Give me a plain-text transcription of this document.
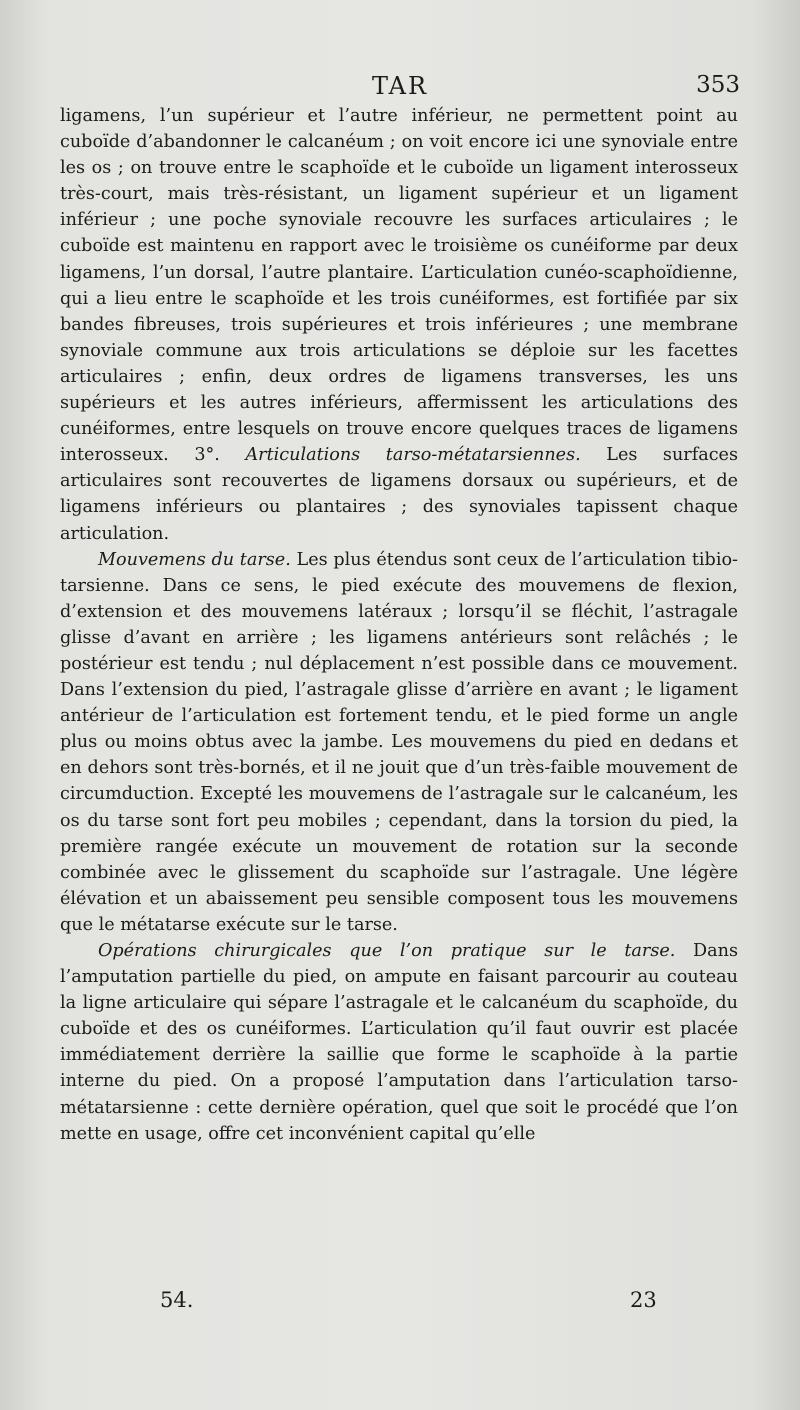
TAR	353

ligamens, l’un supérieur et l’autre inférieur, ne permettent point au cuboïde d’abandonner le calcanéum ; on voit encore ici une synoviale entre les os ; on trouve entre le scaphoïde et le cuboïde un ligament interosseux très-court, mais très-résistant, un ligament supérieur et un ligament inférieur ; une poche synoviale recouvre les surfaces articulaires ; le cuboïde est maintenu en rapport avec le troisième os cunéiforme par deux ligamens, l’un dorsal, l’autre plantaire. L’articulation cunéo-scaphoïdienne, qui a lieu entre le scaphoïde et les trois cunéiformes, est fortifiée par six bandes fibreuses, trois supérieures et trois inférieures ; une membrane synoviale commune aux trois articulations se déploie sur les facettes articulaires ; enfin, deux ordres de ligamens transverses, les uns supérieurs et les autres inférieurs, affermissent les articulations des cunéiformes, entre lesquels on trouve encore quelques traces de ligamens interosseux. 3°. Articulations tarso-métatarsiennes. Les surfaces articulaires sont recouvertes de ligamens dorsaux ou supérieurs, et de ligamens inférieurs ou plantaires ; des synoviales tapissent chaque articulation.

Mouvemens du tarse. Les plus étendus sont ceux de l’articulation tibio-tarsienne. Dans ce sens, le pied exécute des mouvemens de flexion, d’extension et des mouvemens latéraux ; lorsqu’il se fléchit, l’astragale glisse d’avant en arrière ; les ligamens antérieurs sont relâchés ; le postérieur est tendu ; nul déplacement n’est possible dans ce mouvement. Dans l’extension du pied, l’astragale glisse d’arrière en avant ; le ligament antérieur de l’articulation est fortement tendu, et le pied forme un angle plus ou moins obtus avec la jambe. Les mouvemens du pied en dedans et en dehors sont très-bornés, et il ne jouit que d’un très-faible mouvement de circumduction. Excepté les mouvemens de l’astragale sur le calcanéum, les os du tarse sont fort peu mobiles ; cependant, dans la torsion du pied, la première rangée exécute un mouvement de rotation sur la seconde combinée avec le glissement du scaphoïde sur l’astragale. Une légère élévation et un abaissement peu sensible composent tous les mouvemens que le métatarse exécute sur le tarse.

Opérations chirurgicales que l’on pratique sur le tarse. Dans l’amputation partielle du pied, on ampute en faisant parcourir au couteau la ligne articulaire qui sépare l’astragale et le calcanéum du scaphoïde, du cuboïde et des os cunéiformes. L’articulation qu’il faut ouvrir est placée immédiatement derrière la saillie que forme le scaphoïde à la partie interne du pied. On a proposé l’amputation dans l’articulation tarso-métatarsienne : cette dernière opération, quel que soit le procédé que l’on mette en usage, offre cet inconvénient capital qu’elle

54.	23
